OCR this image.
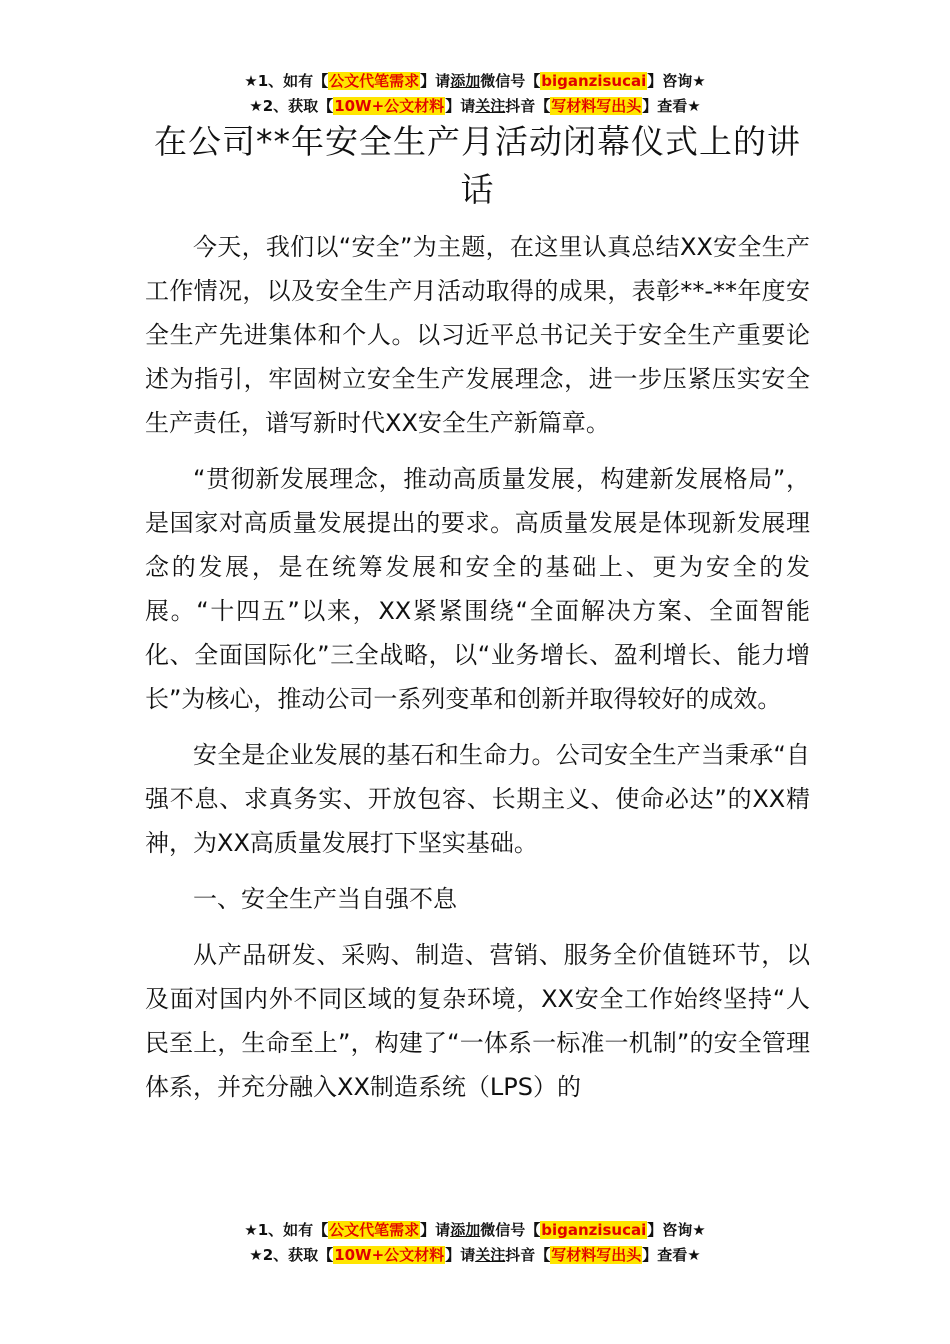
★1、如有【公文代笔需求】请添加微信号【biganzisucai】咨询★
★2、获取【10W+公文材料】请关注抖音【写材料写出头】查看★
在公司**年安全生产月活动闭幕仪式上的讲话

今天，我们以“安全”为主题，在这里认真总结XX安全生产工作情况，以及安全生产月活动取得的成果，表彰**-**年度安全生产先进集体和个人。以习近平总书记关于安全生产重要论述为指引，牢固树立安全生产发展理念，进一步压紧压实安全生产责任，谱写新时代XX安全生产新篇章。

“贯彻新发展理念，推动高质量发展，构建新发展格局”，是国家对高质量发展提出的要求。高质量发展是体现新发展理念的发展，是在统筹发展和安全的基础上、更为安全的发展。“十四五”以来，XX紧紧围绕“全面解决方案、全面智能化、全面国际化”三全战略，以“业务增长、盈利增长、能力增长”为核心，推动公司一系列变革和创新并取得较好的成效。

安全是企业发展的基石和生命力。公司安全生产当秉承“自强不息、求真务实、开放包容、长期主义、使命必达”的XX精神，为XX高质量发展打下坚实基础。

一、安全生产当自强不息

从产品研发、采购、制造、营销、服务全价值链环节，以及面对国内外不同区域的复杂环境，XX安全工作始终坚持“人民至上，生命至上”，构建了“一体系一标准一机制”的安全管理体系，并充分融入XX制造系统（LPS）的

★1、如有【公文代笔需求】请添加微信号【biganzisucai】咨询★
★2、获取【10W+公文材料】请关注抖音【写材料写出头】查看★
